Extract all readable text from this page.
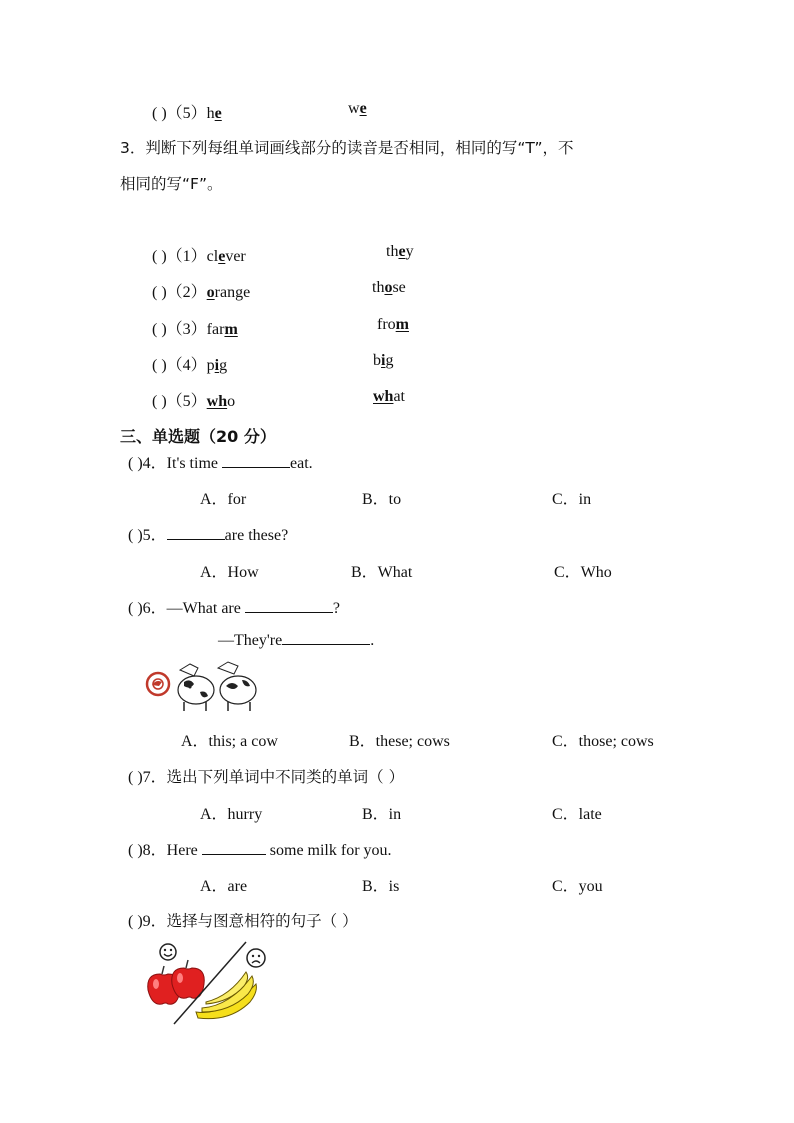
( )（5）he	we
3．判断下列每组单词画线部分的读音是否相同，相同的写“T”，不
相同的写“F”。
( )（1）clever	they
( )（2）orange	those
( )（3）farm	from
( )（4）pig	big
( )（5）who	what
三、单选题（20 分）
( )4．It's time	eat.
A．for	B．to	C．in
( )5．	are these?
A．How	B．What	C．Who
( )6．—What are	?
—They're	.
A．this; a cow	B．these; cows	C．those; cows
( )7．选出下列单词中不同类的单词（ ）
A．hurry	B．in	C．late
( )8．Here	some milk for you.
A．are	B．is	C．you
( )9．选择与图意相符的句子（ ）
